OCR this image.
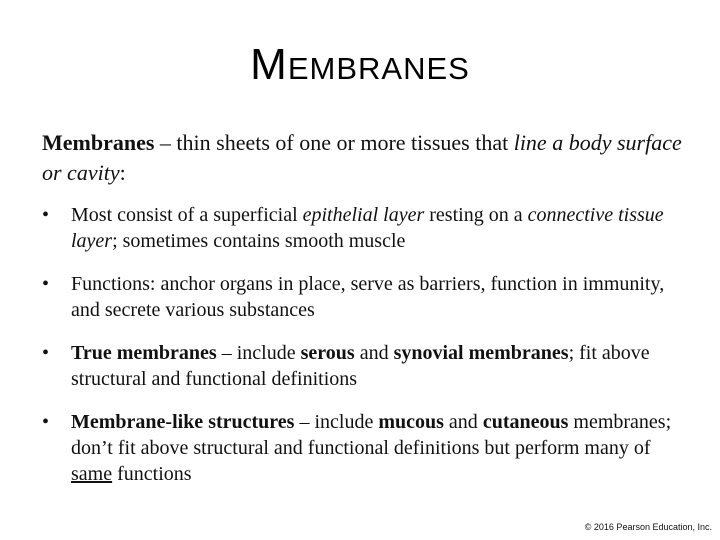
MEMBRANES
Membranes – thin sheets of one or more tissues that line a body surface or cavity:
• Most consist of a superficial epithelial layer resting on a connective tissue layer; sometimes contains smooth muscle
• Functions: anchor organs in place, serve as barriers, function in immunity, and secrete various substances
• True membranes – include serous and synovial membranes; fit above structural and functional definitions
• Membrane-like structures – include mucous and cutaneous membranes; don’t fit above structural and functional definitions but perform many of same functions
© 2016 Pearson Education, Inc.
